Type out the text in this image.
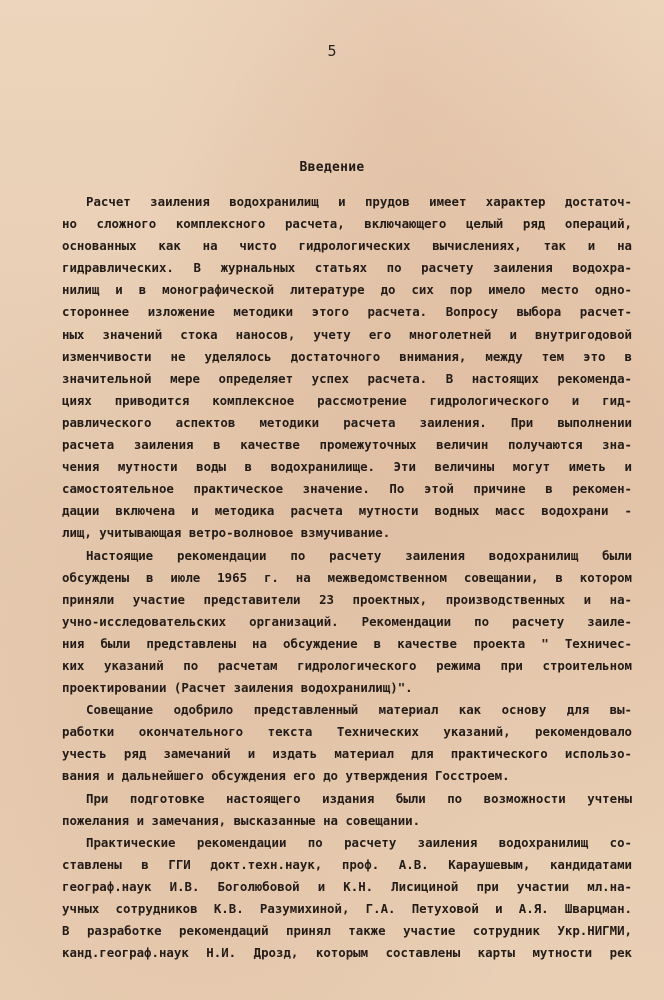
5
Введение
Расчет заиления водохранилищ и прудов имеет характер достаточ-
но сложного комплексного расчета, включающего целый ряд операций,
основанных как на чисто гидрологических вычислениях, так и на
гидравлических. В журнальных статьях по расчету заиления водохра-
нилищ и в монографической литературе до сих пор имело место одно-
стороннее изложение методики этого расчета. Вопросу выбора расчет-
ных значений стока наносов, учету его многолетней и внутригодовой
изменчивости не уделялось достаточного внимания, между тем это в
значительной мере определяет успех расчета. В настоящих рекоменда-
циях приводится комплексное рассмотрение гидрологического и гид-
равлического аспектов методики расчета заиления. При выполнении
расчета заиления в качестве промежуточных величин получаются зна-
чения мутности воды в водохранилище. Эти величины могут иметь и
самостоятельное практическое значение. По этой причине в рекомен-
дации включена и методика расчета мутности водных масс водохрани -
лищ, учитывающая ветро-волновое взмучивание.
Настоящие рекомендации по расчету заиления водохранилищ были
обсуждены в июле 1965 г. на межведомственном совещании, в котором
приняли участие представители 23 проектных, производственных и на-
учно-исследовательских организаций. Рекомендации по расчету заиле-
ния были представлены на обсуждение в качестве проекта " Техничес-
ких указаний по расчетам гидрологического режима при строительном
проектировании (Расчет заиления водохранилищ)".
Совещание одобрило представленный материал как основу для вы-
работки окончательного текста Технических указаний, рекомендовало
учесть ряд замечаний и издать материал для практического использо-
вания и дальнейшего обсуждения его до утверждения Госстроем.
При подготовке настоящего издания были по возможности учтены
пожелания и замечания, высказанные на совещании.
Практические рекомендации по расчету заиления водохранилищ со-
ставлены в ГГИ докт.техн.наук, проф. А.В. Караушевым, кандидатами
географ.наук И.В. Боголюбовой и К.Н. Лисициной при участии мл.на-
учных сотрудников К.В. Разумихиной, Г.А. Петуховой и А.Я. Шварцман.
В разработке рекомендаций принял также участие сотрудник Укр.НИГМИ,
канд.географ.наук Н.И. Дрозд, которым составлены карты мутности рек
